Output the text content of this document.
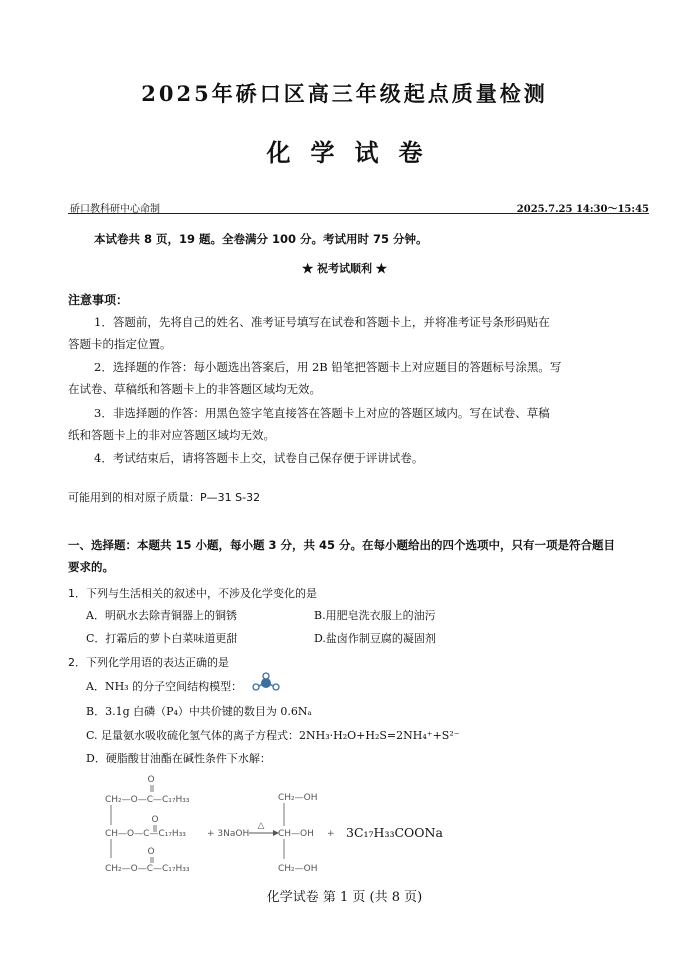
2025年硚口区高三年级起点质量检测
化学试卷
硚口教科研中心命制	2025.7.25 14:30～15:45
本试卷共 8 页，19 题。全卷满分 100 分。考试用时 75 分钟。
★ 祝考试顺利 ★
注意事项：
1．答题前，先将自己的姓名、准考证号填写在试卷和答题卡上，并将准考证号条形码贴在
答题卡的指定位置。
2．选择题的作答：每小题选出答案后，用 2B 铅笔把答题卡上对应题目的答题标号涂黑。写
在试卷、草稿纸和答题卡上的非答题区域均无效。
3．非选择题的作答：用黑色签字笔直接答在答题卡上对应的答题区域内。写在试卷、草稿
纸和答题卡上的非对应答题区域均无效。
4．考试结束后，请将答题卡上交，试卷自己保存便于评讲试卷。
可能用到的相对原子质量：P—31 S-32
一、选择题：本题共 15 小题，每小题 3 分，共 45 分。在每小题给出的四个选项中，只有一项是符合题目
要求的。
1．下列与生活相关的叙述中，不涉及化学变化的是
A．明矾水去除青铜器上的铜锈	B.用肥皂洗衣服上的油污
C．打霜后的萝卜白菜味道更甜	D.盐卤作制豆腐的凝固剂
2．下列化学用语的表达正确的是
A．NH₃ 的分子空间结构模型：
B．3.1g 白磷（P₄）中共价键的数目为 0.6Nₐ
C. 足量氨水吸收硫化氢气体的离子方程式：2NH₃·H₂O+H₂S=2NH₄⁺+S²⁻
D．硬脂酸甘油酯在碱性条件下水解：
O
CH₂—O—C—C₁₇H₃₃
O
CH—O—C—C₁₇H₃₃
O
CH₂—O—C—C₁₇H₃₃
+ 3NaOH
△
CH₂—OH
CH—OH
CH₂—OH
+ 3C₁₇H₃₃COONa
化学试卷 第 1 页 (共 8 页)
